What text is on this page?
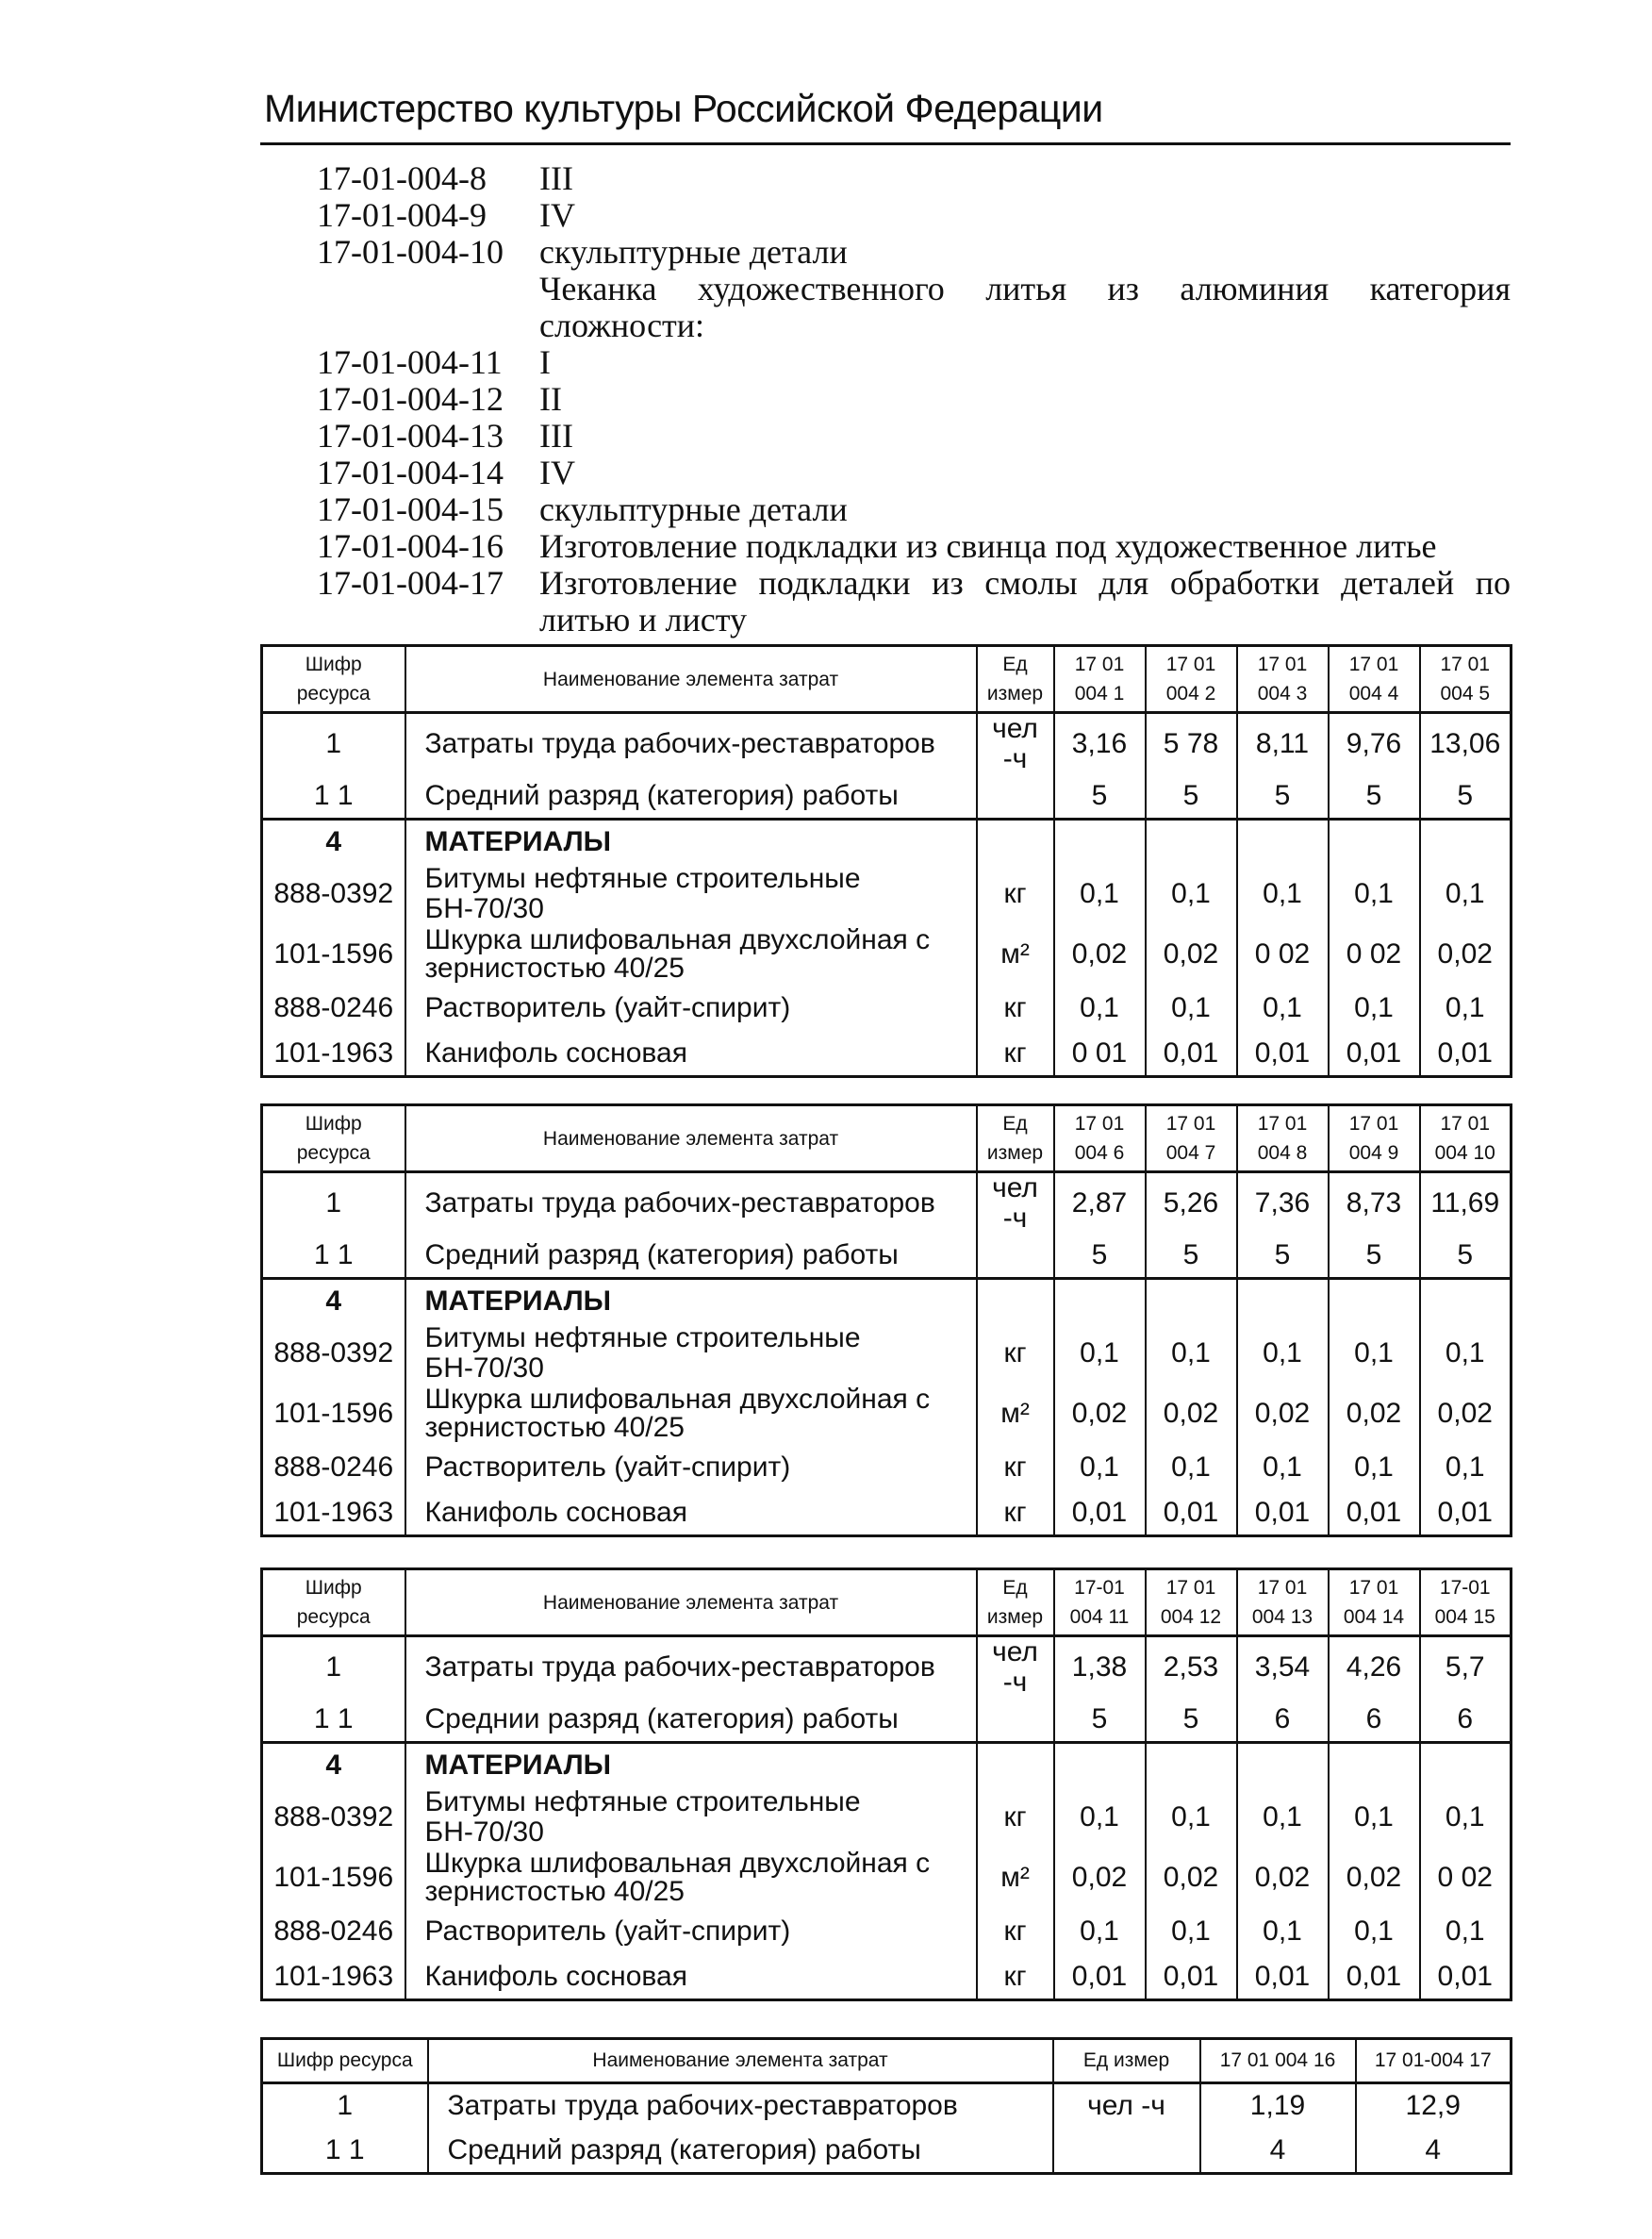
Министерство культуры Российской Федерации
17-01-004-8	III
17-01-004-9	IV
17-01-004-10	скульптурные детали
Чеканка художественного литья из алюминия категория сложности:
17-01-004-11	I
17-01-004-12	II
17-01-004-13	III
17-01-004-14	IV
17-01-004-15	скульптурные детали
17-01-004-16	Изготовление подкладки из свинца под художественное литье
17-01-004-17	Изготовление подкладки из смолы для обработки деталей по литью и листу
Шифр ресурса	Наименование элемента затрат	Ед измер	17 01 004 1	17 01 004 2	17 01 004 3	17 01 004 4	17 01 004 5
1	Затраты труда рабочих-реставраторов	чел -ч	3,16	5 78	8,11	9,76	13,06
1 1	Средний разряд (категория) работы		5	5	5	5	5
4	МАТЕРИАЛЫ						
888-0392	Битумы нефтяные строительные БН-70/30	кг	0,1	0,1	0,1	0,1	0,1
101-1596	Шкурка шлифовальная двухслойная с зернистостью 40/25	м²	0,02	0,02	0 02	0 02	0,02
888-0246	Растворитель (уайт-спирит)	кг	0,1	0,1	0,1	0,1	0,1
101-1963	Канифоль сосновая	кг	0 01	0,01	0,01	0,01	0,01
Шифр ресурса	Наименование элемента затрат	Ед измер	17 01 004 6	17 01 004 7	17 01 004 8	17 01 004 9	17 01 004 10
1	Затраты труда рабочих-реставраторов	чел -ч	2,87	5,26	7,36	8,73	11,69
1 1	Средний разряд (категория) работы		5	5	5	5	5
4	МАТЕРИАЛЫ						
888-0392	Битумы нефтяные строительные БН-70/30	кг	0,1	0,1	0,1	0,1	0,1
101-1596	Шкурка шлифовальная двухслойная с зернистостью 40/25	м²	0,02	0,02	0,02	0,02	0,02
888-0246	Растворитель (уайт-спирит)	кг	0,1	0,1	0,1	0,1	0,1
101-1963	Канифоль сосновая	кг	0,01	0,01	0,01	0,01	0,01
Шифр ресурса	Наименование элемента затрат	Ед измер	17-01 004 11	17 01 004 12	17 01 004 13	17 01 004 14	17-01 004 15
1	Затраты труда рабочих-реставраторов	чел -ч	1,38	2,53	3,54	4,26	5,7
1 1	Среднии разряд (категория) работы		5	5	6	6	6
4	МАТЕРИАЛЫ						
888-0392	Битумы нефтяные строительные БН-70/30	кг	0,1	0,1	0,1	0,1	0,1
101-1596	Шкурка шлифовальная двухслойная с зернистостью 40/25	м²	0,02	0,02	0,02	0,02	0 02
888-0246	Растворитель (уайт-спирит)	кг	0,1	0,1	0,1	0,1	0,1
101-1963	Канифоль сосновая	кг	0,01	0,01	0,01	0,01	0,01
Шифр ресурса	Наименование элемента затрат	Ед измер	17 01 004 16	17 01-004 17
1	Затраты труда рабочих-реставраторов	чел -ч	1,19	12,9
1 1	Средний разряд (категория) работы		4	4
